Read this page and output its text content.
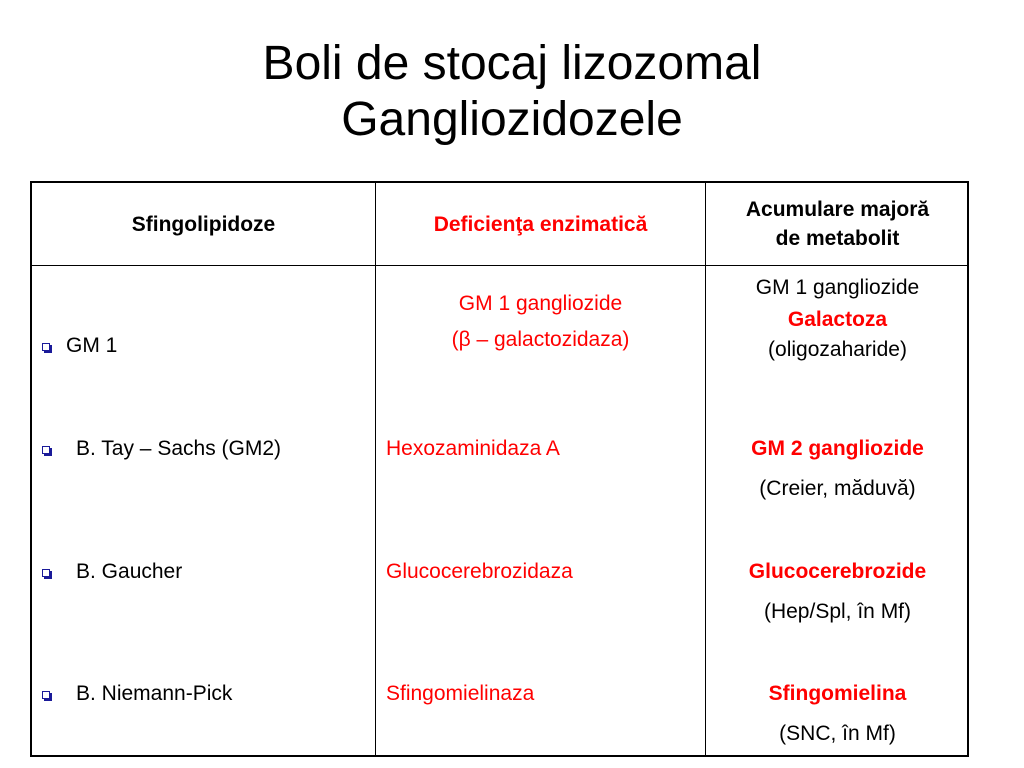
Boli de stocaj lizozomal
Gangliozidozele
Sfingolipidoze	Deficienţa enzimatică
Acumulare majoră
de metabolit
GM 1
B. Tay – Sachs (GM2)
B. Gaucher
B. Niemann-Pick
GM 1 gangliozide
(β – galactozidaza)
Hexozaminidaza A
Glucocerebrozidaza
Sfingomielinaza
GM 1 gangliozide
Galactoza
(oligozaharide)
GM 2 gangliozide
(Creier, măduvă)
Glucocerebrozide
(Hep/Spl, în Mf)
Sfingomielina
(SNC, în Mf)
